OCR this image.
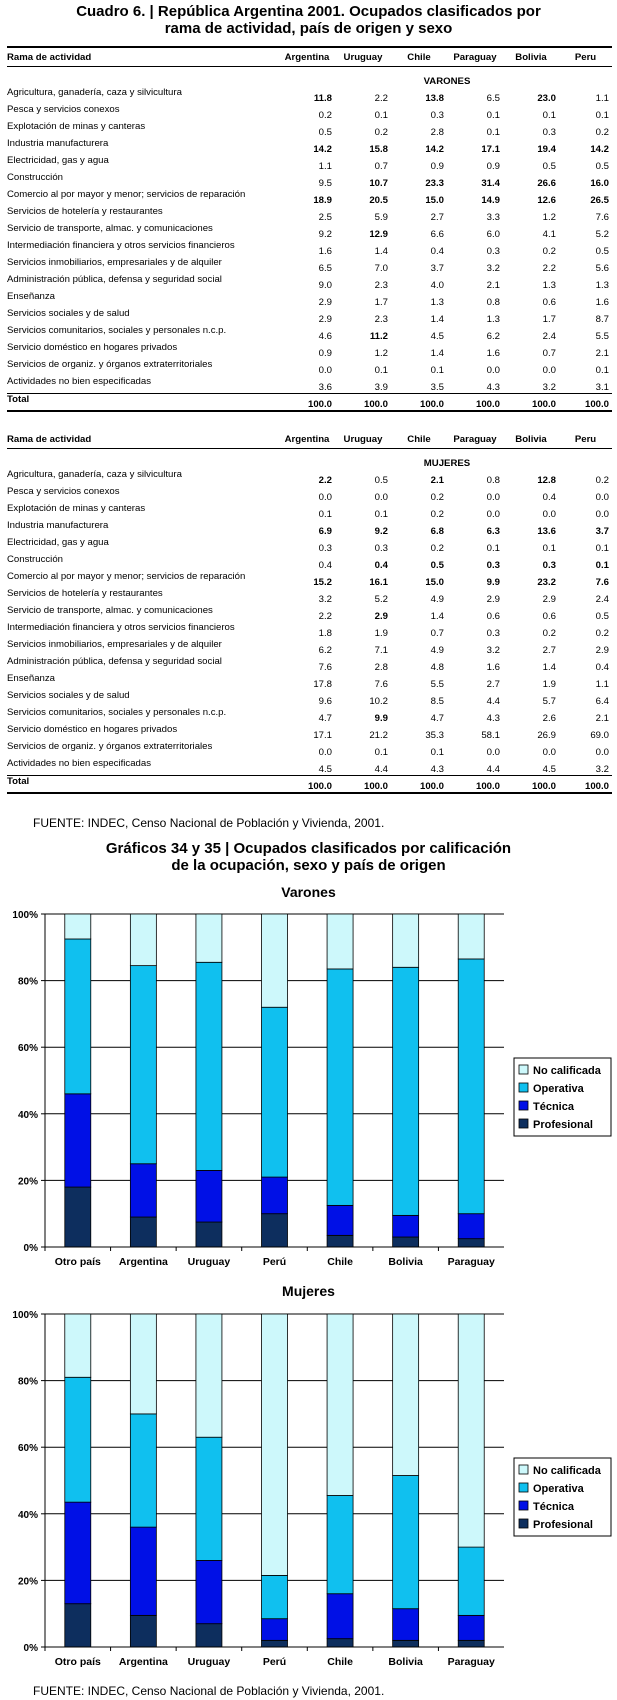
Cuadro 6. | República Argentina 2001. Ocupados clasificados por
rama de actividad, país de origen y sexo
Rama de actividad	Argentina	Uruguay	Chile	Paraguay	Bolivia	Peru
			VARONES			
Agricultura, ganadería, caza y silvicultura	11.8	2.2	13.8	6.5	23.0	1.1
Pesca y servicios conexos	0.2	0.1	0.3	0.1	0.1	0.1
Explotación de minas y canteras	0.5	0.2	2.8	0.1	0.3	0.2
Industria manufacturera	14.2	15.8	14.2	17.1	19.4	14.2
Electricidad, gas y agua	1.1	0.7	0.9	0.9	0.5	0.5
Construcción	9.5	10.7	23.3	31.4	26.6	16.0
Comercio al por mayor y menor; servicios de reparación	18.9	20.5	15.0	14.9	12.6	26.5
Servicios de hotelería y restaurantes	2.5	5.9	2.7	3.3	1.2	7.6
Servicio de transporte, almac. y comunicaciones	9.2	12.9	6.6	6.0	4.1	5.2
Intermediación financiera y otros servicios financieros	1.6	1.4	0.4	0.3	0.2	0.5
Servicios inmobiliarios, empresariales y de alquiler	6.5	7.0	3.7	3.2	2.2	5.6
Administración pública, defensa y seguridad social	9.0	2.3	4.0	2.1	1.3	1.3
Enseñanza	2.9	1.7	1.3	0.8	0.6	1.6
Servicios sociales y de salud	2.9	2.3	1.4	1.3	1.7	8.7
Servicios comunitarios, sociales y personales n.c.p.	4.6	11.2	4.5	6.2	2.4	5.5
Servicio doméstico en hogares privados	0.9	1.2	1.4	1.6	0.7	2.1
Servicios de organiz. y órganos extraterritoriales	0.0	0.1	0.1	0.0	0.0	0.1
Actividades no bien especificadas	3.6	3.9	3.5	4.3	3.2	3.1
Total	100.0	100.0	100.0	100.0	100.0	100.0
Rama de actividad	Argentina	Uruguay	Chile	Paraguay	Bolivia	Peru
			MUJERES			
Agricultura, ganadería, caza y silvicultura	2.2	0.5	2.1	0.8	12.8	0.2
Pesca y servicios conexos	0.0	0.0	0.2	0.0	0.4	0.0
Explotación de minas y canteras	0.1	0.1	0.2	0.0	0.0	0.0
Industria manufacturera	6.9	9.2	6.8	6.3	13.6	3.7
Electricidad, gas y agua	0.3	0.3	0.2	0.1	0.1	0.1
Construcción	0.4	0.4	0.5	0.3	0.3	0.1
Comercio al por mayor y menor; servicios de reparación	15.2	16.1	15.0	9.9	23.2	7.6
Servicios de hotelería y restaurantes	3.2	5.2	4.9	2.9	2.9	2.4
Servicio de transporte, almac. y comunicaciones	2.2	2.9	1.4	0.6	0.6	0.5
Intermediación financiera y otros servicios financieros	1.8	1.9	0.7	0.3	0.2	0.2
Servicios inmobiliarios, empresariales y de alquiler	6.2	7.1	4.9	3.2	2.7	2.9
Administración pública, defensa y seguridad social	7.6	2.8	4.8	1.6	1.4	0.4
Enseñanza	17.8	7.6	5.5	2.7	1.9	1.1
Servicios sociales y de salud	9.6	10.2	8.5	4.4	5.7	6.4
Servicios comunitarios, sociales y personales n.c.p.	4.7	9.9	4.7	4.3	2.6	2.1
Servicio doméstico en hogares privados	17.1	21.2	35.3	58.1	26.9	69.0
Servicios de organiz. y órganos extraterritoriales	0.0	0.1	0.1	0.0	0.0	0.0
Actividades no bien especificadas	4.5	4.4	4.3	4.4	4.5	3.2
Total	100.0	100.0	100.0	100.0	100.0	100.0
FUENTE: INDEC, Censo Nacional de Población y Vivienda, 2001.
Gráficos 34 y 35 | Ocupados clasificados por calificación
de la ocupación, sexo y país de origen
Varones
0%
20%
40%
60%
80%
100%
Otro país Argentina Uruguay	Perú	Chile	Bolivia Paraguay
No calificada
Operativa
Técnica
Profesional
Mujeres
0%
20%
40%
60%
80%
100%
Otro país Argentina Uruguay	Perú	Chile	Bolivia Paraguay
No calificada
Operativa
Técnica
Profesional
FUENTE: INDEC, Censo Nacional de Población y Vivienda, 2001.
